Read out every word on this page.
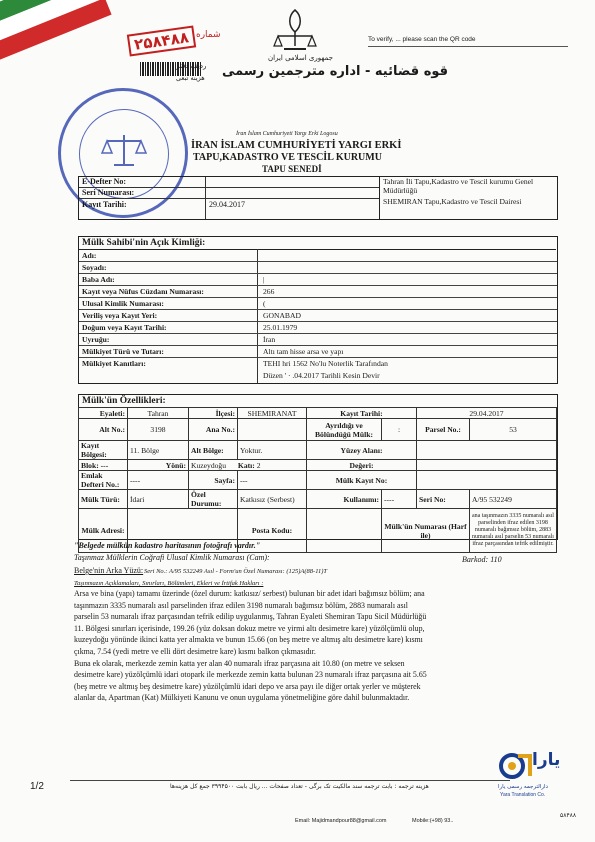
۲۵۸۴۸۸ شماره
ردیف دفتر
هزینه تبعی
جمهوری اسلامی ایران
قوه قضائیه - اداره مترجمین رسمی
To verify, ... please scan the QR code
İran İslam Cumhuriyeti Yargı Erki Logosu
İRAN İSLAM CUMHURİYETİ YARGI ERKİ
TAPU,KADASTRO VE TESCİL KURUMU
TAPU SENEDİ
E-Defter No:
Seri Numarası:
Kayıt Tarihi:	29.04.2017
Tahran İli Tapu,Kadastro ve Tescil kurumu Genel Müdürlüğü
SHEMIRAN Tapu,Kadastro ve Tescil Dairesi
Mülk Sahibi'nin Açık Kimliği:
Adı:
Soyadı:
Baba Adı:	|
Kayıt veya Nüfus Cüzdanı Numarası:	266
Ulusal Kimlik Numarası:	(
Veriliş veya Kayıt Yeri:	GONABAD
Doğum veya Kayıt Tarihi:	25.01.1979
Uyruğu:	İran
Mülkiyet Türü ve Tutarı:	Altı tam hisse arsa ve yapı
Mülkiyet Kanıtları:	TEHI hri 1562 No'lu Noterlik Tarafından
Düzen ' · .04.2017 Tarihli Kesin Devir
Mülk'ün Özellikleri:
Eyaleti:	Tahran	İlçesi:	SHEMIRANAT	Kayıt Tarihi:		29.04.2017	
Alt No.:	3198	Ana No.:		Ayrıldığı ve Bölündüğü Mülk:	:	Parsel No.:	53
Kayıt Bölgesi:	11. Bölge	Alt Bölge:	Yoktur.	Yüzey Alanı:			
Blok: ---	Yönü:	Kuzeydoğu Katı: 2		Değeri:			
Emlak Defteri No.:	----	Sayfa:	---	Mülk Kayıt No:			
Mülk Türü:	İdari	Özel Durumu:	Katkısız (Serbest)	Kullanımı:	----	Seri No:	A/95 532249
Mülk Adresi:			Posta Kodu:		Mülk'ün Numarası (Harf ile)		ana taşınmazın 3335 numaralı asıl parselinden ifraz edilen 3198 numaralı bağımsız bölüm, 2883 numaralı asıl parselin 53 numaralı ifraz parçasından tefrik edilmiştir.
"Belgede mülkün kadastro haritasının fotoğrafı vardır."
Taşınmaz Mülklerin Coğrafi Ulusal Kimlik Numarası (Cam):	Barkod: 110
Belge'nin Arka Yüzü: Seri No.: A/95 532249 Asıl - Form'un Özel Numarası: (125)A(88-11)T
Taşınmazın Açıklamaları, Sınırları, Bölümleri, Ekleri ve İrtifak Hakları :
Arsa ve bina (yapı) tamamı üzerinde (özel durum: katkısız/ serbest) bulunan bir adet idari bağımsız bölüm; ana
taşınmazın 3335 numaralı asıl parselinden ifraz edilen 3198 numaralı bağımsız bölüm, 2883 numaralı asıl
parselin 53 numaralı ifraz parçasından tefrik edilip uygulanmış, Tahran Eyaleti Shemiran Tapu Sicil Müdürlüğü
11. Bölgesi sınırları içerisinde, 199.26 (yüz doksan dokuz metre ve yirmi altı desimetre kare) yüzölçümlü olup,
kuzeydoğu yönünde ikinci katta yer almakta ve bunun 15.66 (on beş metre ve altmış altı desimetre kare) kısmı
çıkma, 7.54 (yedi metre ve elli dört desimetre kare) kısmı balkon çıkmasıdır.
Buna ek olarak, merkezde zemin katta yer alan 40 numaralı ifraz parçasına ait 10.80 (on metre ve seksen
desimetre kare) yüzölçümlü idari otopark ile merkezde zemin katta bulunan 23 numaralı ifraz parçasına ait 5.65
(beş metre ve altmış beş desimetre kare) yüzölçümlü idari depo ve arsa payı ile diğer ortak yerler ve müşterek
alanlar da, Apartman (Kat) Mülkiyeti Kanunu ve onun uygulama yönetmeliğine göre dahil bulunmaktadır.
1/2	هزینه ترجمه : بابت ترجمه سند مالکیت تک برگی - تعداد صفحات ... ریال بابت ۳۹۹۴۵۰۰ جمع کل هزینه‌ها
Email: Majidmandpour88@gmail.com	Mobile:(+98) 93..
۵۸۴۸۸
یارا
دارالترجمه رسمی یارا
Yara Translation Co.
